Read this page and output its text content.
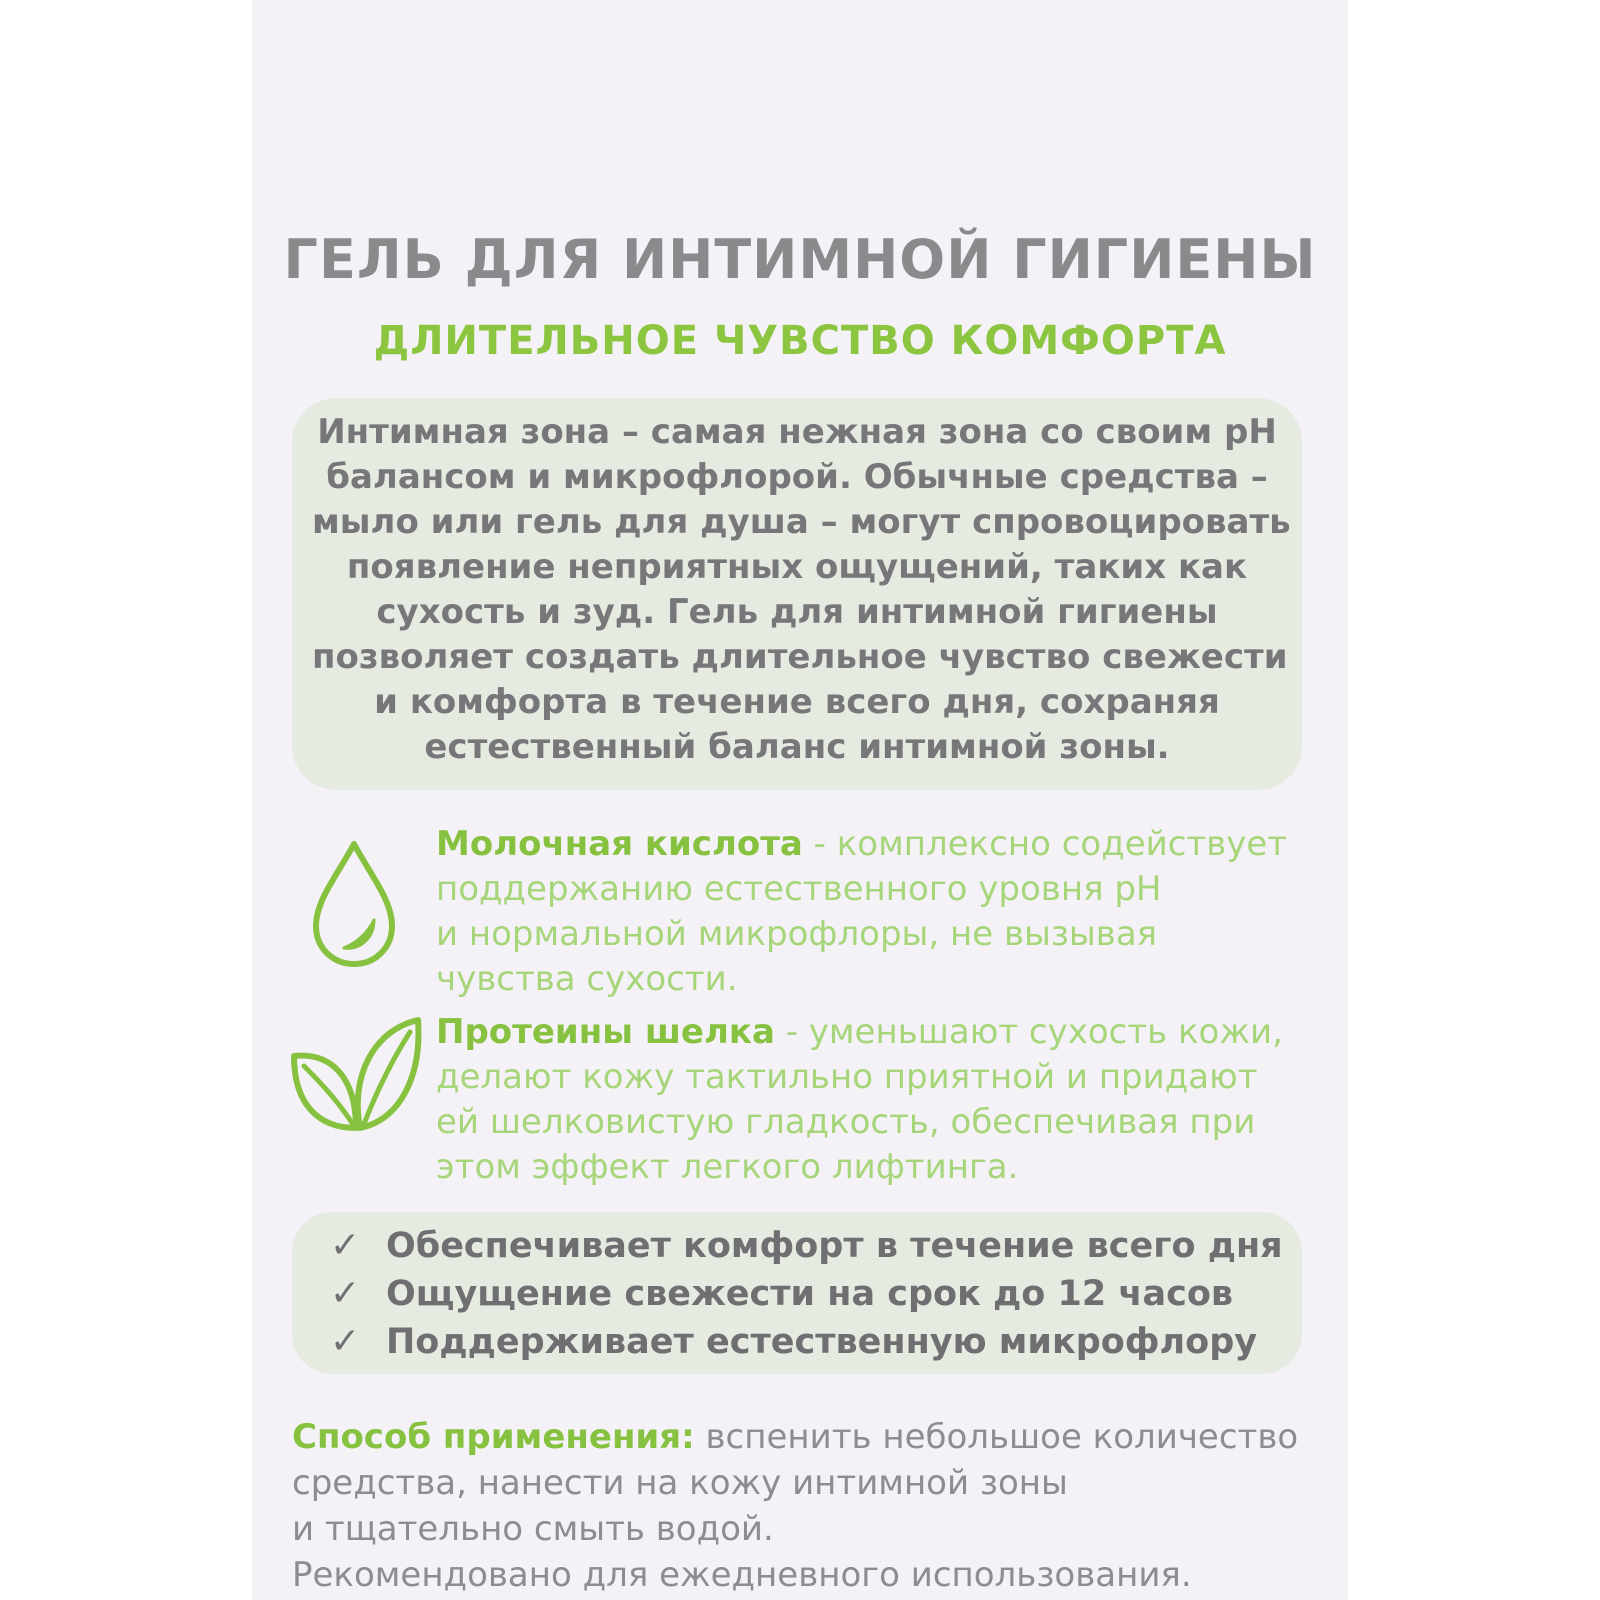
ГЕЛЬ ДЛЯ ИНТИМНОЙ ГИГИЕНЫ
ДЛИТЕЛЬНОЕ ЧУВСТВО КОМФОРТА
Интимная зона – самая нежная зона со своим pH
балансом и микрофлорой. Обычные средства –
мыло или гель для душа – могут спровоцировать
появление неприятных ощущений, таких как
сухость и зуд. Гель для интимной гигиены
позволяет создать длительное чувство свежести
и комфорта в течение всего дня, сохраняя
естественный баланс интимной зоны.
Молочная кислота - комплексно содействует
поддержанию естественного уровня pH
и нормальной микрофлоры, не вызывая
чувства сухости.
Протеины шелка - уменьшают сухость кожи,
делают кожу тактильно приятной и придают
ей шелковистую гладкость, обеспечивая при
этом эффект легкого лифтинга.
✓ Обеспечивает комфорт в течение всего дня
✓ Ощущение свежести на срок до 12 часов
✓ Поддерживает естественную микрофлору
Способ применения: вспенить небольшое количество
средства, нанести на кожу интимной зоны
и тщательно смыть водой.
Рекомендовано для ежедневного использования.
